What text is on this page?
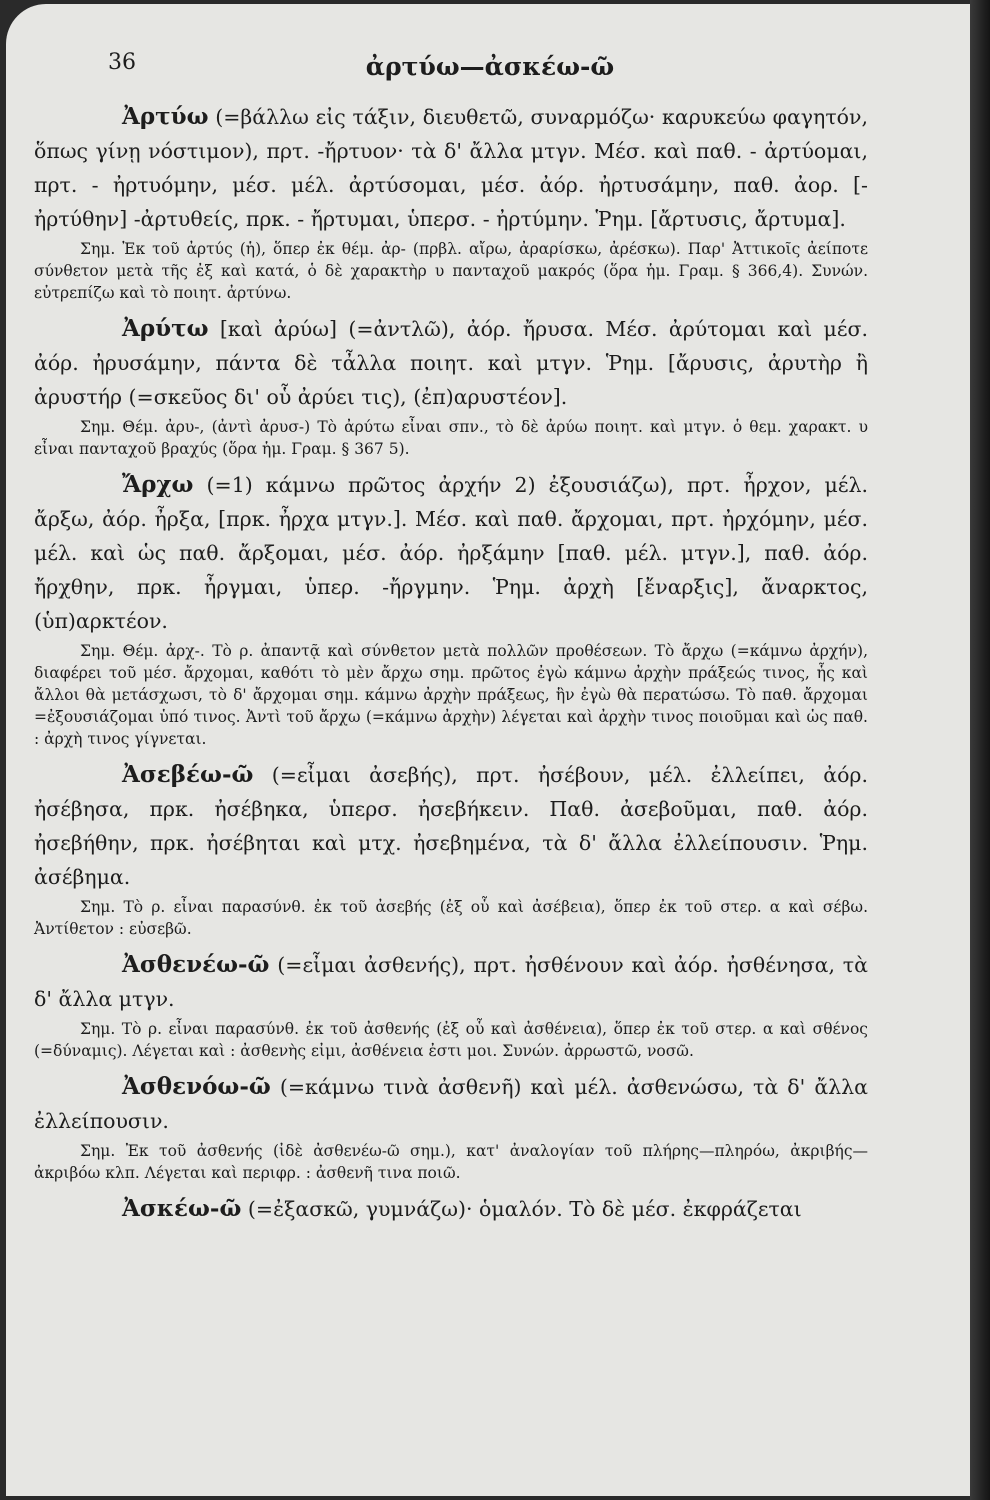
36	ἀρτύω—ἀσκέω-ῶ
Ἀρτύω (=βάλλω εἰς τάξιν, διευθετῶ, συναρμόζω· καρυκεύω φαγητόν, ὅπως γίνῃ νόστιμον), πρτ. -ἤρτυον· τὰ δ' ἄλλα μτγν. Μέσ. καὶ παθ. - ἀρτύομαι, πρτ. - ἠρτυόμην, μέσ. μέλ. ἀρτύσομαι, μέσ. ἀόρ. ἠρτυσάμην, παθ. ἀορ. [-ἠρτύθην] -ἀρτυθείς, πρκ. - ἤρτυμαι, ὑπερσ. - ἠρτύμην. Ῥημ. [ἄρτυσις, ἄρτυμα].
Σημ. Ἐκ τοῦ ἀρτύς (ἡ), ὅπερ ἐκ θέμ. ἀρ- (πρβλ. αἴρω, ἀραρίσκω, ἀρέσκω). Παρ' Ἀττικοῖς ἀείποτε σύνθετον μετὰ τῆς ἐξ καὶ κατά, ὁ δὲ χαρακτὴρ υ πανταχοῦ μακρός (ὅρα ἡμ. Γραμ. § 366,4). Συνών. εὐτρεπίζω καὶ τὸ ποιητ. ἀρτύνω.
Ἀρύτω [καὶ ἀρύω] (=ἀντλῶ), ἀόρ. ἤρυσα. Μέσ. ἀρύτομαι καὶ μέσ. ἀόρ. ἠρυσάμην, πάντα δὲ τἆλλα ποιητ. καὶ μτγν. Ῥημ. [ἄρυσις, ἀρυτὴρ ἢ ἀρυστήρ (=σκεῦος δι' οὗ ἀρύει τις), (ἐπ)αρυστέον].
Σημ. Θέμ. ἀρυ-, (ἀντὶ ἀρυσ-) Τὸ ἀρύτω εἶναι σπν., τὸ δὲ ἀρύω ποιητ. καὶ μτγν. ὁ θεμ. χαρακτ. υ εἶναι πανταχοῦ βραχύς (ὅρα ἡμ. Γραμ. § 367 5).
Ἄρχω (=1) κάμνω πρῶτος ἀρχήν 2) ἐξουσιάζω), πρτ. ἦρχον, μέλ. ἄρξω, ἀόρ. ἦρξα, [πρκ. ἦρχα μτγν.]. Μέσ. καὶ παθ. ἄρχομαι, πρτ. ἠρχόμην, μέσ. μέλ. καὶ ὡς παθ. ἄρξομαι, μέσ. ἀόρ. ἠρξάμην [παθ. μέλ. μτγν.], παθ. ἀόρ. ἤρχθην, πρκ. ἦργμαι, ὑπερ. -ἤργμην. Ῥημ. ἀρχὴ [ἔναρξις], ἄναρκτος, (ὑπ)αρκτέον.
Σημ. Θέμ. ἀρχ-. Τὸ ρ. ἀπαντᾷ καὶ σύνθετον μετὰ πολλῶν προθέσεων. Τὸ ἄρχω (=κάμνω ἀρχήν), διαφέρει τοῦ μέσ. ἄρχομαι, καθότι τὸ μὲν ἄρχω σημ. πρῶτος ἐγὼ κάμνω ἀρχὴν πράξεώς τινος, ἧς καὶ ἄλλοι θὰ μετάσχωσι, τὸ δ' ἄρχομαι σημ. κάμνω ἀρχὴν πράξεως, ἣν ἐγὼ θὰ περατώσω. Τὸ παθ. ἄρχομαι =ἐξουσιάζομαι ὑπό τινος. Ἀντὶ τοῦ ἄρχω (=κάμνω ἀρχὴν) λέγεται καὶ ἀρχὴν τινος ποιοῦμαι καὶ ὡς παθ. : ἀρχὴ τινος γίγνεται.
Ἀσεβέω-ῶ (=εἶμαι ἀσεβής), πρτ. ἠσέβουν, μέλ. ἐλλείπει, ἀόρ. ἠσέβησα, πρκ. ἠσέβηκα, ὑπερσ. ἠσεβήκειν. Παθ. ἀσεβοῦμαι, παθ. ἀόρ. ἠσεβήθην, πρκ. ἠσέβηται καὶ μτχ. ἠσεβημένα, τὰ δ' ἄλλα ἐλλείπουσιν. Ῥημ. ἀσέβημα.
Σημ. Τὸ ρ. εἶναι παρασύνθ. ἐκ τοῦ ἀσεβής (ἐξ οὗ καὶ ἀσέβεια), ὅπερ ἐκ τοῦ στερ. α καὶ σέβω. Ἀντίθετον : εὐσεβῶ.
Ἀσθενέω-ῶ (=εἶμαι ἀσθενής), πρτ. ἠσθένουν καὶ ἀόρ. ἠσθένησα, τὰ δ' ἄλλα μτγν.
Σημ. Τὸ ρ. εἶναι παρασύνθ. ἐκ τοῦ ἀσθενής (ἐξ οὗ καὶ ἀσθένεια), ὅπερ ἐκ τοῦ στερ. α καὶ σθένος (=δύναμις). Λέγεται καὶ : ἀσθενὴς εἰμι, ἀσθένεια ἐστι μοι. Συνών. ἀρρωστῶ, νοσῶ.
Ἀσθενόω-ῶ (=κάμνω τινὰ ἀσθενῆ) καὶ μέλ. ἀσθενώσω, τὰ δ' ἄλλα ἐλλείπουσιν.
Σημ. Ἐκ τοῦ ἀσθενής (ἰδὲ ἀσθενέω-ῶ σημ.), κατ' ἀναλογίαν τοῦ πλήρης—πληρόω, ἀκριβής—ἀκριβόω κλπ. Λέγεται καὶ περιφρ. : ἀσθενῆ τινα ποιῶ.
Ἀσκέω-ῶ (=ἐξασκῶ, γυμνάζω)· ὁμαλόν. Τὸ δὲ μέσ. ἐκφράζεται
